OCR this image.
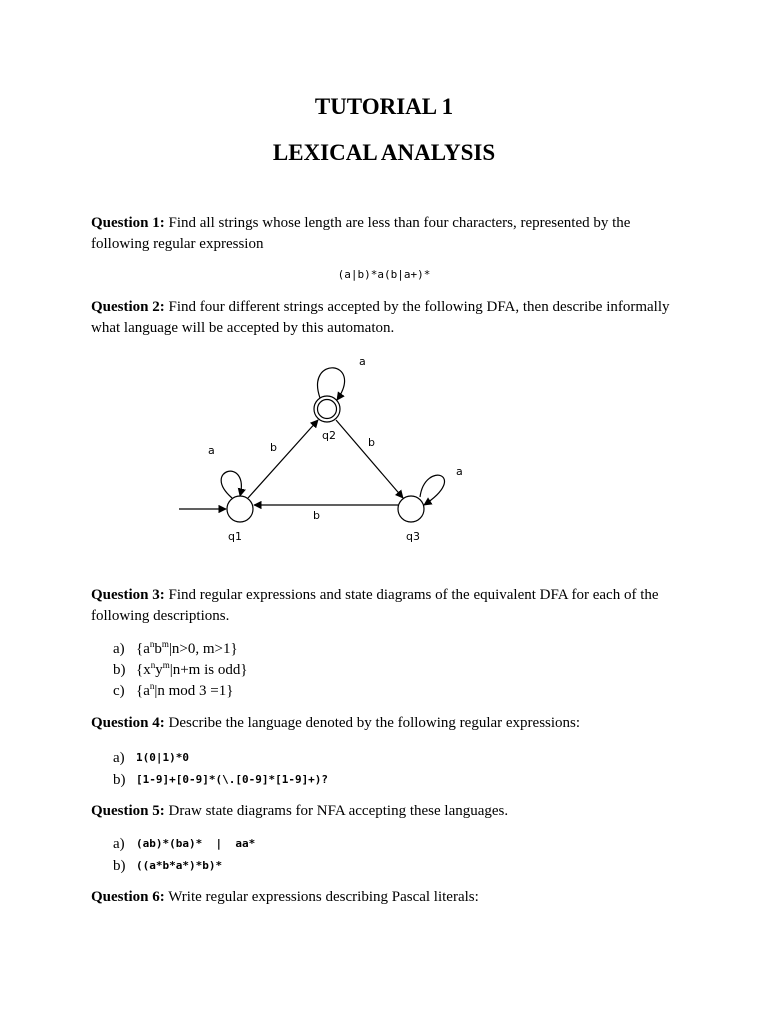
TUTORIAL 1
LEXICAL ANALYSIS
Question 1: Find all strings whose length are less than four characters, represented by the following regular expression
(a|b)*a(b|a+)*
Question 2: Find four different strings accepted by the following DFA, then describe informally what language will be accepted by this automaton.
a
q2
b	b
a
a
b
q1	q3
Question 3: Find regular expressions and state diagrams of the equivalent DFA for each of the following descriptions.
a) {$a^nb^m|n>0$, m>1}
b) {$x^ny^m|n+m$ is odd}
c) {$a^n|n$ mod 3 =1}
Question 4: Describe the language denoted by the following regular expressions:
a)	1(0|1)*0
b) [1-9]+[0-9]*(\.[0-9]*[1-9]+)?
Question 5: Draw state diagrams for NFA accepting these languages.
a)	(ab)*(ba)*  |  aa*
b) ((a*b*a*)*b)*
Question 6: Write regular expressions describing Pascal literals:
